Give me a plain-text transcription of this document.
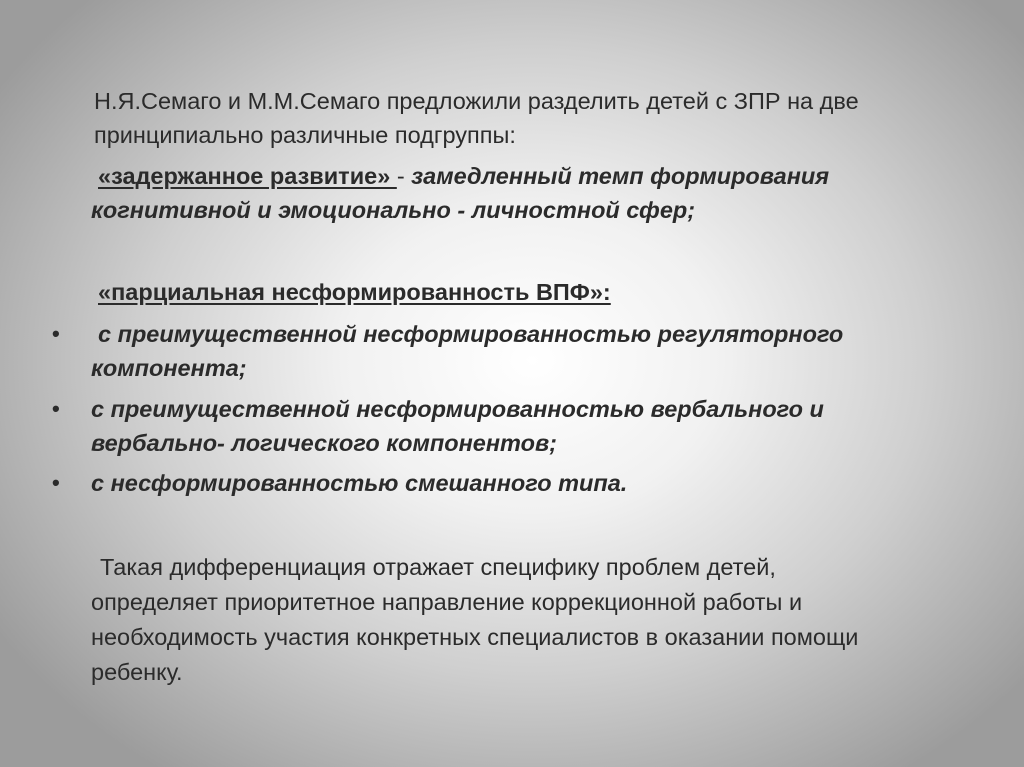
Н.Я.Семаго и М.М.Семаго предложили разделить детей с ЗПР на две
принципиально различные подгруппы:
«задержанное развитие» - замедленный темп формирования
когнитивной и эмоционально - личностной сфер;
«парциальная несформированность ВПФ»:
• с преимущественной несформированностью регуляторного
компонента;
• с преимущественной несформированностью вербального и
вербально- логического компонентов;
• с несформированностью смешанного типа.
Такая дифференциация отражает специфику проблем детей,
определяет приоритетное направление коррекционной работы и
необходимость участия конкретных специалистов в оказании помощи
ребенку.
